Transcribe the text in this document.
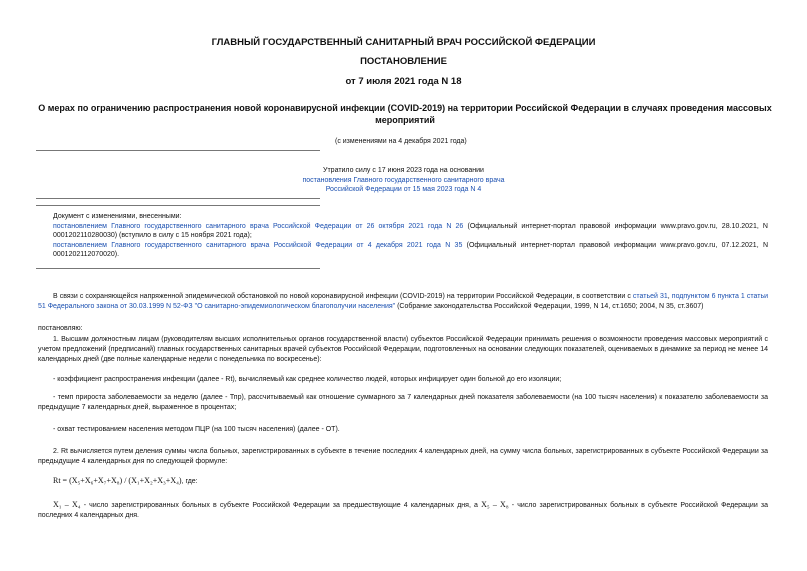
ГЛАВНЫЙ ГОСУДАРСТВЕННЫЙ САНИТАРНЫЙ ВРАЧ РОССИЙСКОЙ ФЕДЕРАЦИИ
ПОСТАНОВЛЕНИЕ
от 7 июля 2021 года N 18
О мерах по ограничению распространения новой коронавирусной инфекции (COVID-2019) на территории Российской Федерации в случаях проведения массовых мероприятий
(с изменениями на 4 декабря 2021 года)
Утратило силу с 17 июня 2023 года на основании
постановления Главного государственного санитарного врача
Российской Федерации от 15 мая 2023 года N 4
Документ с изменениями, внесенными:
постановлением Главного государственного санитарного врача Российской Федерации от 26 октября 2021 года N 26 (Официальный интернет-портал правовой информации www.pravo.gov.ru, 28.10.2021, N 0001202110280030) (вступило в силу с 15 ноября 2021 года);
постановлением Главного государственного санитарного врача Российской Федерации от 4 декабря 2021 года N 35 (Официальный интернет-портал правовой информации www.pravo.gov.ru, 07.12.2021, N 0001202112070020).
В связи с сохраняющейся напряженной эпидемической обстановкой по новой коронавирусной инфекции (COVID-2019) на территории Российской Федерации, в соответствии с статьей 31, подпунктом 6 пункта 1 статьи 51 Федерального закона от 30.03.1999 N 52-ФЗ "О санитарно-эпидемиологическом благополучии населения" (Собрание законодательства Российской Федерации, 1999, N 14, ст.1650; 2004, N 35, ст.3607)
постановляю:
1. Высшим должностным лицам (руководителям высших исполнительных органов государственной власти) субъектов Российской Федерации принимать решения о возможности проведения массовых мероприятий с учетом предложений (предписаний) главных государственных санитарных врачей субъектов Российской Федерации, подготовленных на основании следующих показателей, оцениваемых в динамике за период не менее 14 календарных дней (две полные календарные недели с понедельника по воскресенье):
- коэффициент распространения инфекции (далее - Rt), вычисляемый как среднее количество людей, которых инфицирует один больной до его изоляции;
- темп прироста заболеваемости за неделю (далее - Тпр), рассчитываемый как отношение суммарного за 7 календарных дней показателя заболеваемости (на 100 тысяч населения) к показателю заболеваемости за предыдущие 7 календарных дней, выраженное в процентах;
- охват тестированием населения методом ПЦР (на 100 тысяч населения) (далее - ОТ).
2. Rt вычисляется путем деления суммы числа больных, зарегистрированных в субъекте в течение последних 4 календарных дней, на сумму числа больных, зарегистрированных в субъекте Российской Федерации за предыдущие 4 календарных дня по следующей формуле:
Rt = (X₅+X₆+X₇+X₈) / (X₁+X₂+X₃+X₄), где:
X₁ – X₄ - число зарегистрированных больных в субъекте Российской Федерации за предшествующие 4 календарных дня, а X₅ – X₈ - число зарегистрированных больных в субъекте Российской Федерации за последних 4 календарных дня.
